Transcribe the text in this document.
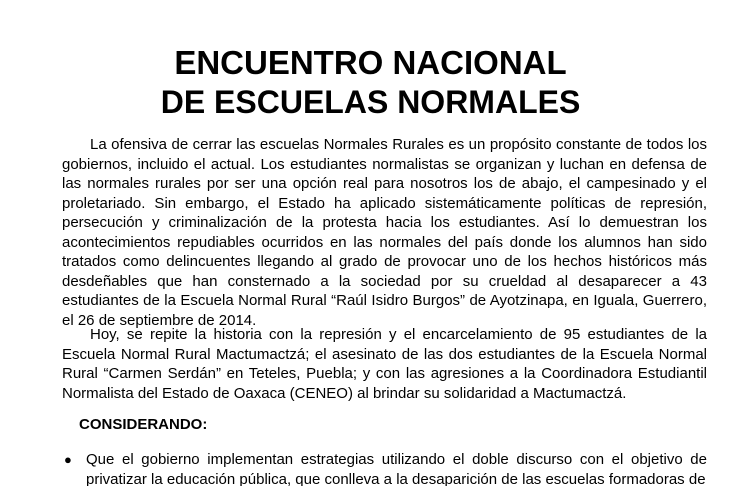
ENCUENTRO NACIONAL
DE ESCUELAS NORMALES

La ofensiva de cerrar las escuelas Normales Rurales es un propósito constante de todos los gobiernos, incluido el actual. Los estudiantes normalistas se organizan y luchan en defensa de las normales rurales por ser una opción real para nosotros los de abajo, el campesinado y el proletariado. Sin embargo, el Estado ha aplicado sistemáticamente políticas de represión, persecución y criminalización de la protesta hacia los estudiantes. Así lo demuestran los acontecimientos repudiables ocurridos en las normales del país donde los alumnos han sido tratados como delincuentes llegando al grado de provocar uno de los hechos históricos más desdeñables que han consternado a la sociedad por su crueldad al desaparecer a 43 estudiantes de la Escuela Normal Rural “Raúl Isidro Burgos” de Ayotzinapa, en Iguala, Guerrero, el 26 de septiembre de 2014.

Hoy, se repite la historia con la represión y el encarcelamiento de 95 estudiantes de la Escuela Normal Rural Mactumactzá; el asesinato de las dos estudiantes de la Escuela Normal Rural “Carmen Serdán” en Teteles, Puebla; y con las agresiones a la Coordinadora Estudiantil Normalista del Estado de Oaxaca (CENEO) al brindar su solidaridad a Mactumactzá.

CONSIDERANDO:

● Que el gobierno implementan estrategias utilizando el doble discurso con el objetivo de privatizar la educación pública, que conlleva a la desaparición de las escuelas formadoras de
